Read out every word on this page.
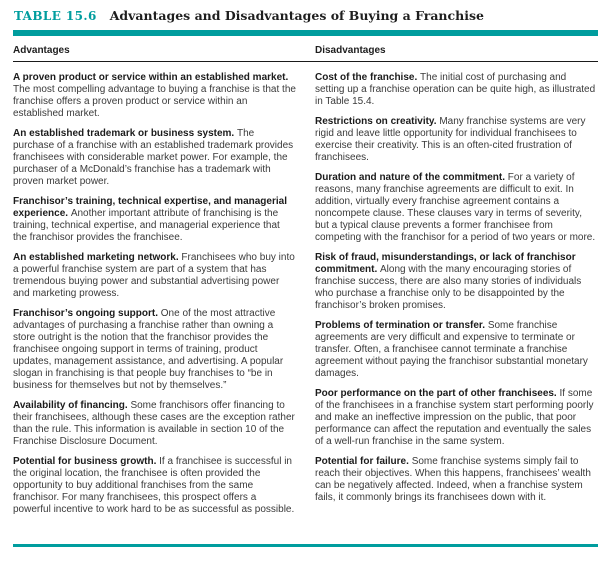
TABLE 15.6 Advantages and Disadvantages of Buying a Franchise
Advantages	Disadvantages

A proven product or service within an established market.The most compelling advantage to buying a franchise is that the franchise offers a proven product or service within an established market.

An established trademark or business system. The purchase of a franchise with an established trademark provides franchisees with considerable market power. For example, the purchaser of a McDonald’s franchise has a trademark with proven market power.

Franchisor’s training, technical expertise, and managerial experience. Another important attribute of franchising is the training, technical expertise, and managerial experience that the franchisor provides the franchisee.

An established marketing network. Franchisees who buy into a powerful franchise system are part of a system that has tremendous buying power and substantial advertising power and marketing prowess.

Franchisor’s ongoing support. One of the most attractive advantages of purchasing a franchise rather than owning a store outright is the notion that the franchisor provides the franchisee ongoing support in terms of training, product updates, management assistance, and advertising. A popular slogan in franchising is that people buy franchises to “be in business for themselves but not by themselves.”

Availability of financing. Some franchisors offer financing to their franchisees, although these cases are the exception rather than the rule. This information is available in section 10 of the Franchise Disclosure Document.

Potential for business growth. If a franchisee is successful in the original location, the franchisee is often provided the opportunity to buy additional franchises from the same franchisor. For many franchisees, this prospect offers a powerful incentive to work hard to be as successful as possible.

Cost of the franchise. The initial cost of purchasing and setting up a franchise operation can be quite high, as illustrated in Table 15.4.

Restrictions on creativity. Many franchise systems are very rigid and leave little opportunity for individual franchisees to exercise their creativity. This is an often-cited frustration of franchisees.

Duration and nature of the commitment. For a variety of reasons, many franchise agreements are difficult to exit. In addition, virtually every franchise agreement contains a noncompete clause. These clauses vary in terms of severity, but a typical clause prevents a former franchisee from competing with the franchisor for a period of two years or more.

Risk of fraud, misunderstandings, or lack of franchisor commitment. Along with the many encouraging stories of franchise success, there are also many stories of individuals who purchase a franchise only to be disappointed by the franchisor’s broken promises.

Problems of termination or transfer. Some franchise agreements are very difficult and expensive to terminate or transfer. Often, a franchisee cannot terminate a franchise agreement without paying the franchisor substantial monetary damages.

Poor performance on the part of other franchisees. If some of the franchisees in a franchise system start performing poorly and make an ineffective impression on the public, that poor performance can affect the reputation and eventually the sales of a well-run franchise in the same system.

Potential for failure. Some franchise systems simply fail to reach their objectives. When this happens, franchisees’ wealth can be negatively affected. Indeed, when a franchise system fails, it commonly brings its franchisees down with it.
